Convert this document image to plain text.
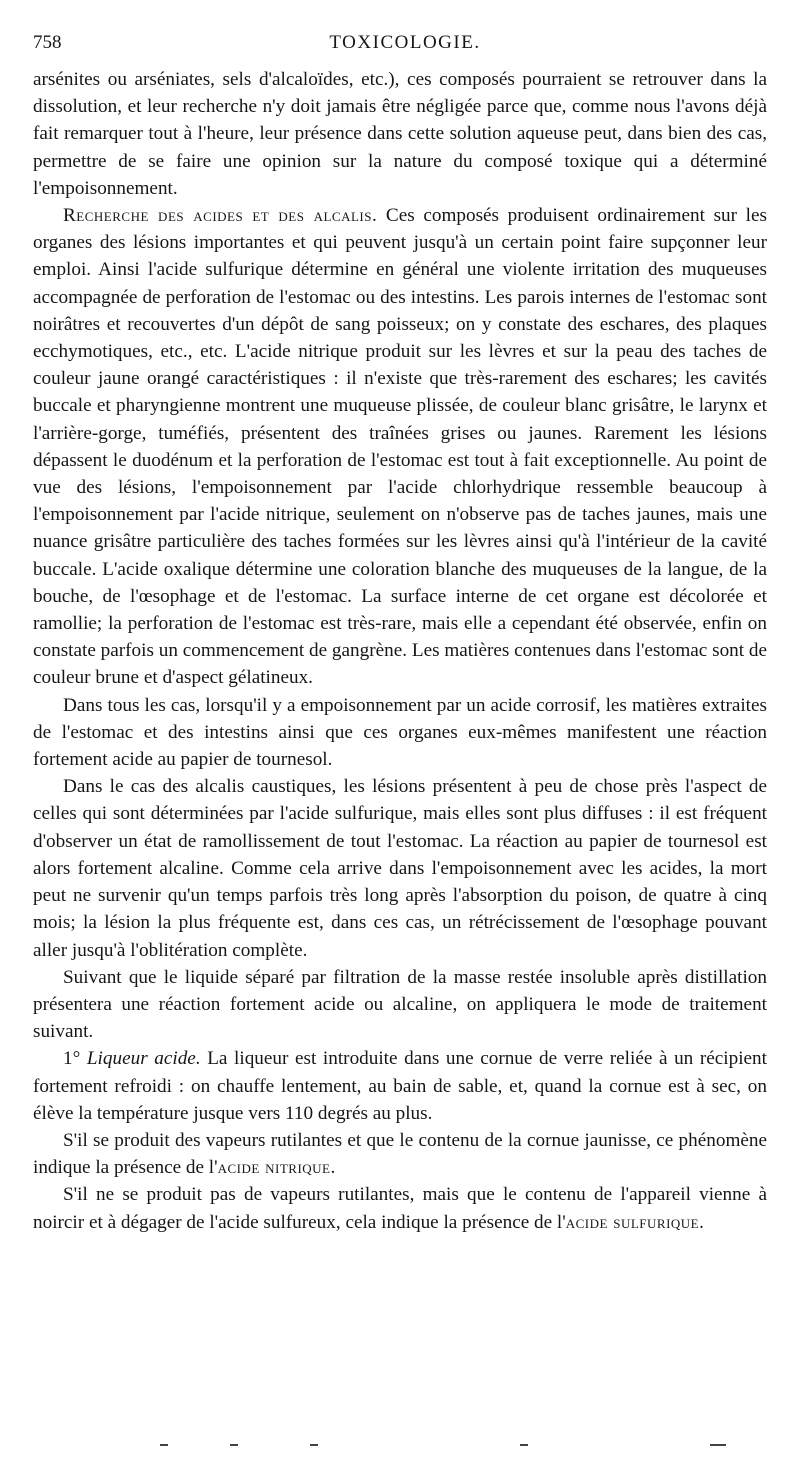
758	TOXICOLOGIE.

arsénites ou arséniates, sels d'alcaloïdes, etc.), ces composés pourraient se retrouver dans la dissolution, et leur recherche n'y doit jamais être négligée parce que, comme nous l'avons déjà fait remarquer tout à l'heure, leur présence dans cette solution aqueuse peut, dans bien des cas, permettre de se faire une opinion sur la nature du composé toxique qui a déterminé l'empoisonnement.

Recherche des acides et des alcalis. Ces composés produisent ordinairement sur les organes des lésions importantes et qui peuvent jusqu'à un certain point faire supçonner leur emploi. Ainsi l'acide sulfurique détermine en général une violente irritation des muqueuses accompagnée de perforation de l'estomac ou des intestins. Les parois internes de l'estomac sont noirâtres et recouvertes d'un dépôt de sang poisseux; on y constate des eschares, des plaques ecchymotiques, etc., etc. L'acide nitrique produit sur les lèvres et sur la peau des taches de couleur jaune orangé caractéristiques : il n'existe que très-rarement des eschares; les cavités buccale et pharyngienne montrent une muqueuse plissée, de couleur blanc grisâtre, le larynx et l'arrière-gorge, tuméfiés, présentent des traînées grises ou jaunes. Rarement les lésions dépassent le duodénum et la perforation de l'estomac est tout à fait exceptionnelle. Au point de vue des lésions, l'empoisonnement par l'acide chlorhydrique ressemble beaucoup à l'empoisonnement par l'acide nitrique, seulement on n'observe pas de taches jaunes, mais une nuance grisâtre particulière des taches formées sur les lèvres ainsi qu'à l'intérieur de la cavité buccale. L'acide oxalique détermine une coloration blanche des muqueuses de la langue, de la bouche, de l'œsophage et de l'estomac. La surface interne de cet organe est décolorée et ramollie; la perforation de l'estomac est très-rare, mais elle a cependant été observée, enfin on constate parfois un commencement de gangrène. Les matières contenues dans l'estomac sont de couleur brune et d'aspect gélatineux.

Dans tous les cas, lorsqu'il y a empoisonnement par un acide corrosif, les matières extraites de l'estomac et des intestins ainsi que ces organes eux-mêmes manifestent une réaction fortement acide au papier de tournesol.

Dans le cas des alcalis caustiques, les lésions présentent à peu de chose près l'aspect de celles qui sont déterminées par l'acide sulfurique, mais elles sont plus diffuses : il est fréquent d'observer un état de ramollissement de tout l'estomac. La réaction au papier de tournesol est alors fortement alcaline. Comme cela arrive dans l'empoisonnement avec les acides, la mort peut ne survenir qu'un temps parfois très long après l'absorption du poison, de quatre à cinq mois; la lésion la plus fréquente est, dans ces cas, un rétrécissement de l'œsophage pouvant aller jusqu'à l'oblitération complète.

Suivant que le liquide séparé par filtration de la masse restée insoluble après distillation présentera une réaction fortement acide ou alcaline, on appliquera le mode de traitement suivant.

1° Liqueur acide. La liqueur est introduite dans une cornue de verre reliée à un récipient fortement refroidi : on chauffe lentement, au bain de sable, et, quand la cornue est à sec, on élève la température jusque vers 110 degrés au plus.

S'il se produit des vapeurs rutilantes et que le contenu de la cornue jaunisse, ce phénomène indique la présence de l'acide nitrique.

S'il ne se produit pas de vapeurs rutilantes, mais que le contenu de l'appareil vienne à noircir et à dégager de l'acide sulfureux, cela indique la présence de l'acide sulfurique.
